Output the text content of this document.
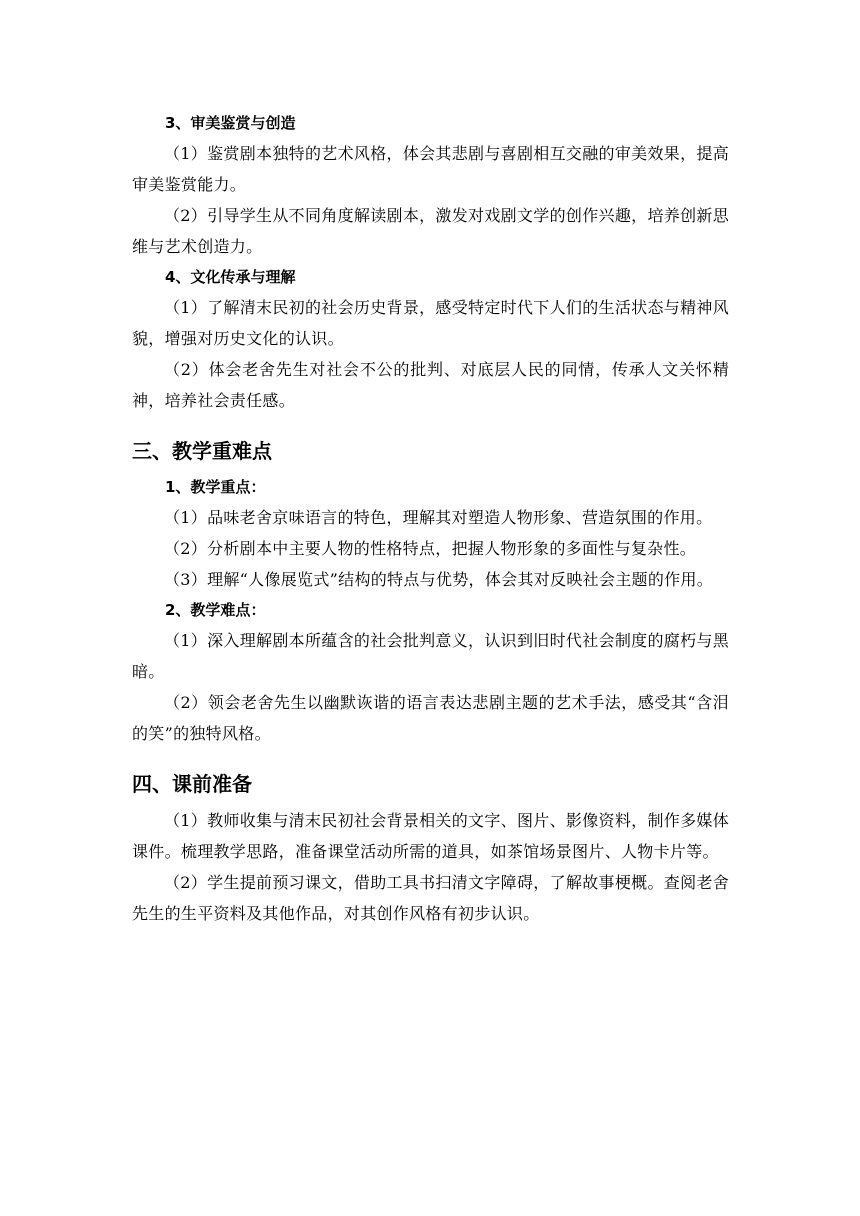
3、审美鉴赏与创造

（1）鉴赏剧本独特的艺术风格，体会其悲剧与喜剧相互交融的审美效果，提高审美鉴赏能力。

（2）引导学生从不同角度解读剧本，激发对戏剧文学的创作兴趣，培养创新思维与艺术创造力。

4、文化传承与理解

（1）了解清末民初的社会历史背景，感受特定时代下人们的生活状态与精神风貌，增强对历史文化的认识。

（2）体会老舍先生对社会不公的批判、对底层人民的同情，传承人文关怀精神，培养社会责任感。

三、教学重难点

1、教学重点：

（1）品味老舍京味语言的特色，理解其对塑造人物形象、营造氛围的作用。

（2）分析剧本中主要人物的性格特点，把握人物形象的多面性与复杂性。

（3）理解“人像展览式”结构的特点与优势，体会其对反映社会主题的作用。

2、教学难点：

（1）深入理解剧本所蕴含的社会批判意义，认识到旧时代社会制度的腐朽与黑暗。

（2）领会老舍先生以幽默诙谐的语言表达悲剧主题的艺术手法，感受其“含泪的笑”的独特风格。

四、课前准备

（1）教师收集与清末民初社会背景相关的文字、图片、影像资料，制作多媒体课件。梳理教学思路，准备课堂活动所需的道具，如茶馆场景图片、人物卡片等。

（2）学生提前预习课文，借助工具书扫清文字障碍，了解故事梗概。查阅老舍先生的生平资料及其他作品，对其创作风格有初步认识。
